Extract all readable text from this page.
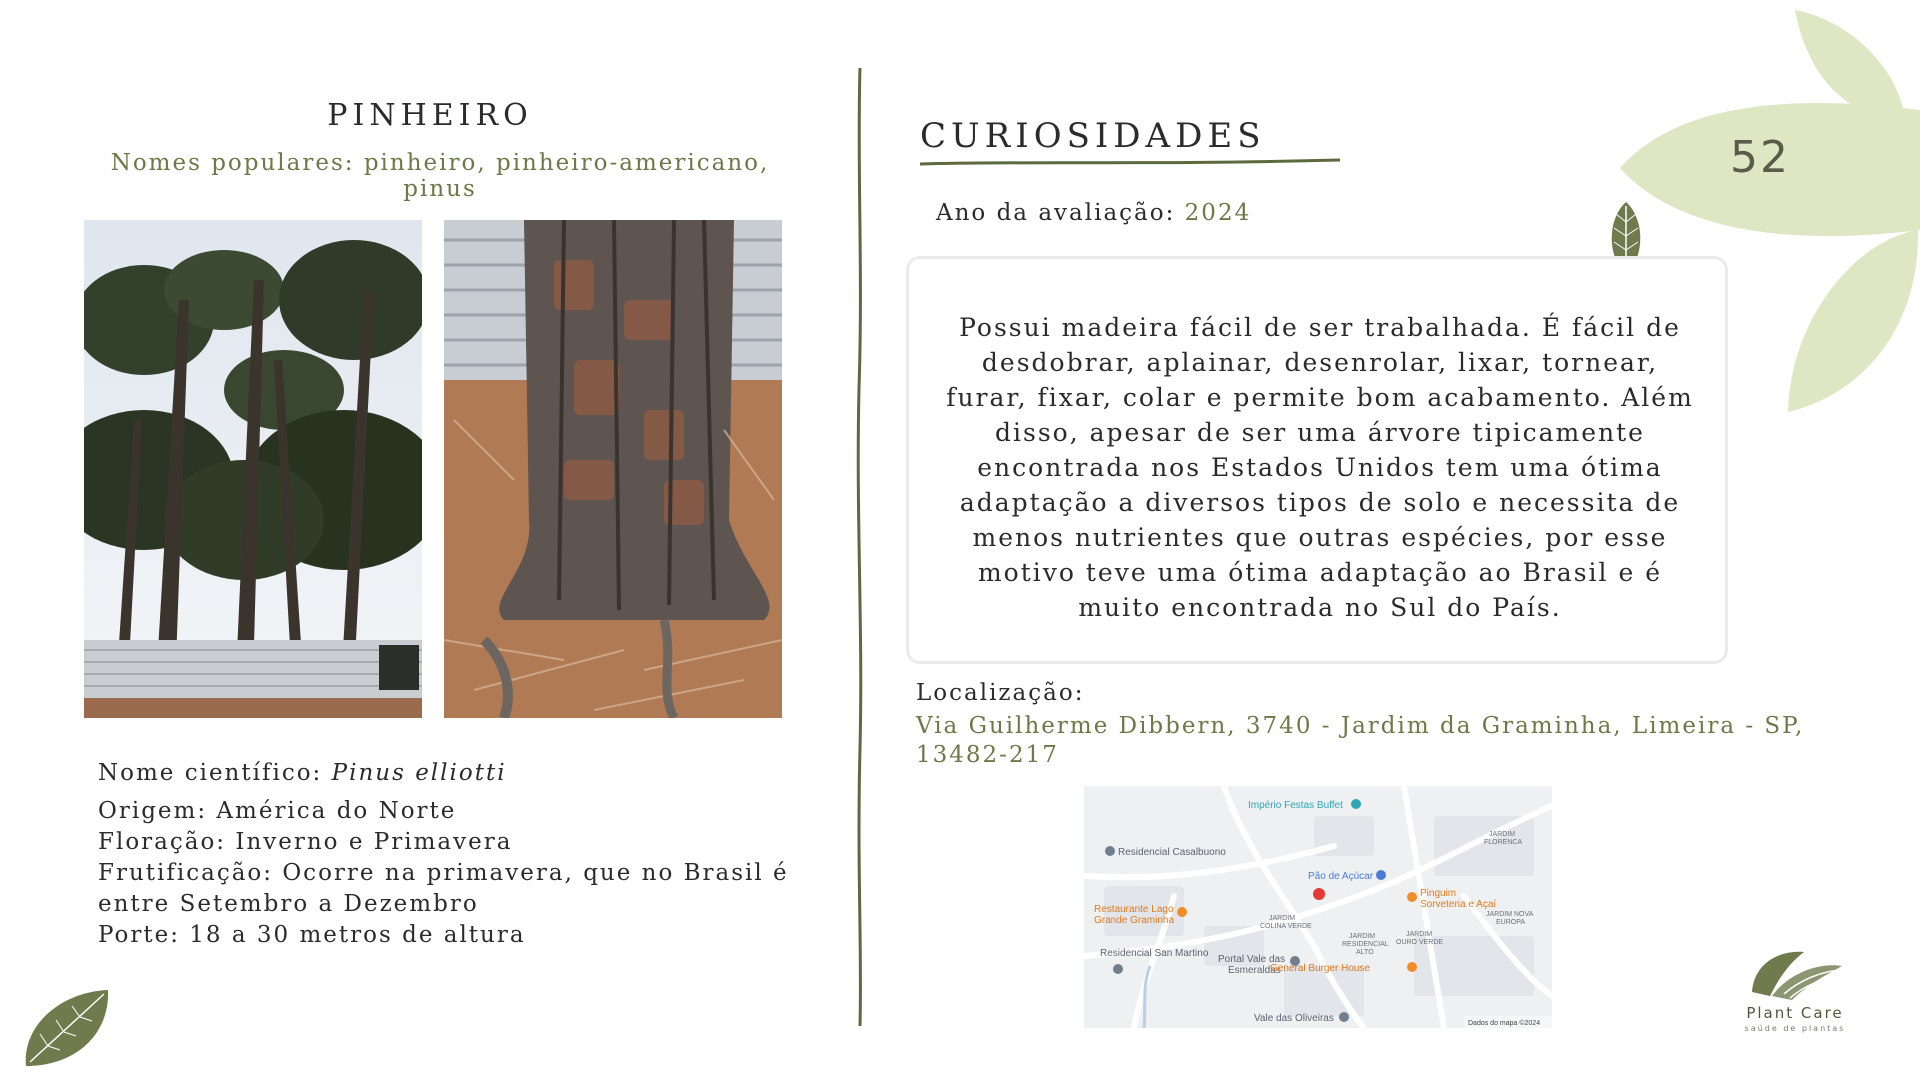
52
PINHEIRO
Nomes populares: pinheiro, pinheiro-americano, pinus
Nome científico: Pinus elliotti
Origem: América do Norte
Floração: Inverno e Primavera
Frutificação: Ocorre na primavera, que no Brasil é
entre Setembro a Dezembro
Porte: 18 a 30 metros de altura
CURIOSIDADES
Ano da avaliação: 2024
Possui madeira fácil de ser trabalhada. É fácil de desdobrar, aplainar, desenrolar, lixar, tornear, furar, fixar, colar e permite bom acabamento. Além disso, apesar de ser uma árvore tipicamente encontrada nos Estados Unidos tem uma ótima adaptação a diversos tipos de solo e necessita de menos nutrientes que outras espécies, por esse motivo teve uma ótima adaptação ao Brasil e é muito encontrada no Sul do País.
Localização:
Via Guilherme Dibbern, 3740 - Jardim da Graminha, Limeira - SP, 13482-217
Império Festas Buffet
Residencial Casalbuono
Pão de Açúcar
Pinguim
Sorveteria e Açaí
Restaurante Lago
Grande Graminha	JARDIM
COLINA VERDE
JARDIM
RESIDENCIAL
ALTO
JARDIM
OURO VERDE
JARDIM
FLORENCA
JARDIM NOVA
EUROPA
Residencial San Martino
Portal Vale das
Esmeraldas
General Burger House
Vale das Oliveiras	Dados do mapa ©2024
Plant Care
saúde de plantas
